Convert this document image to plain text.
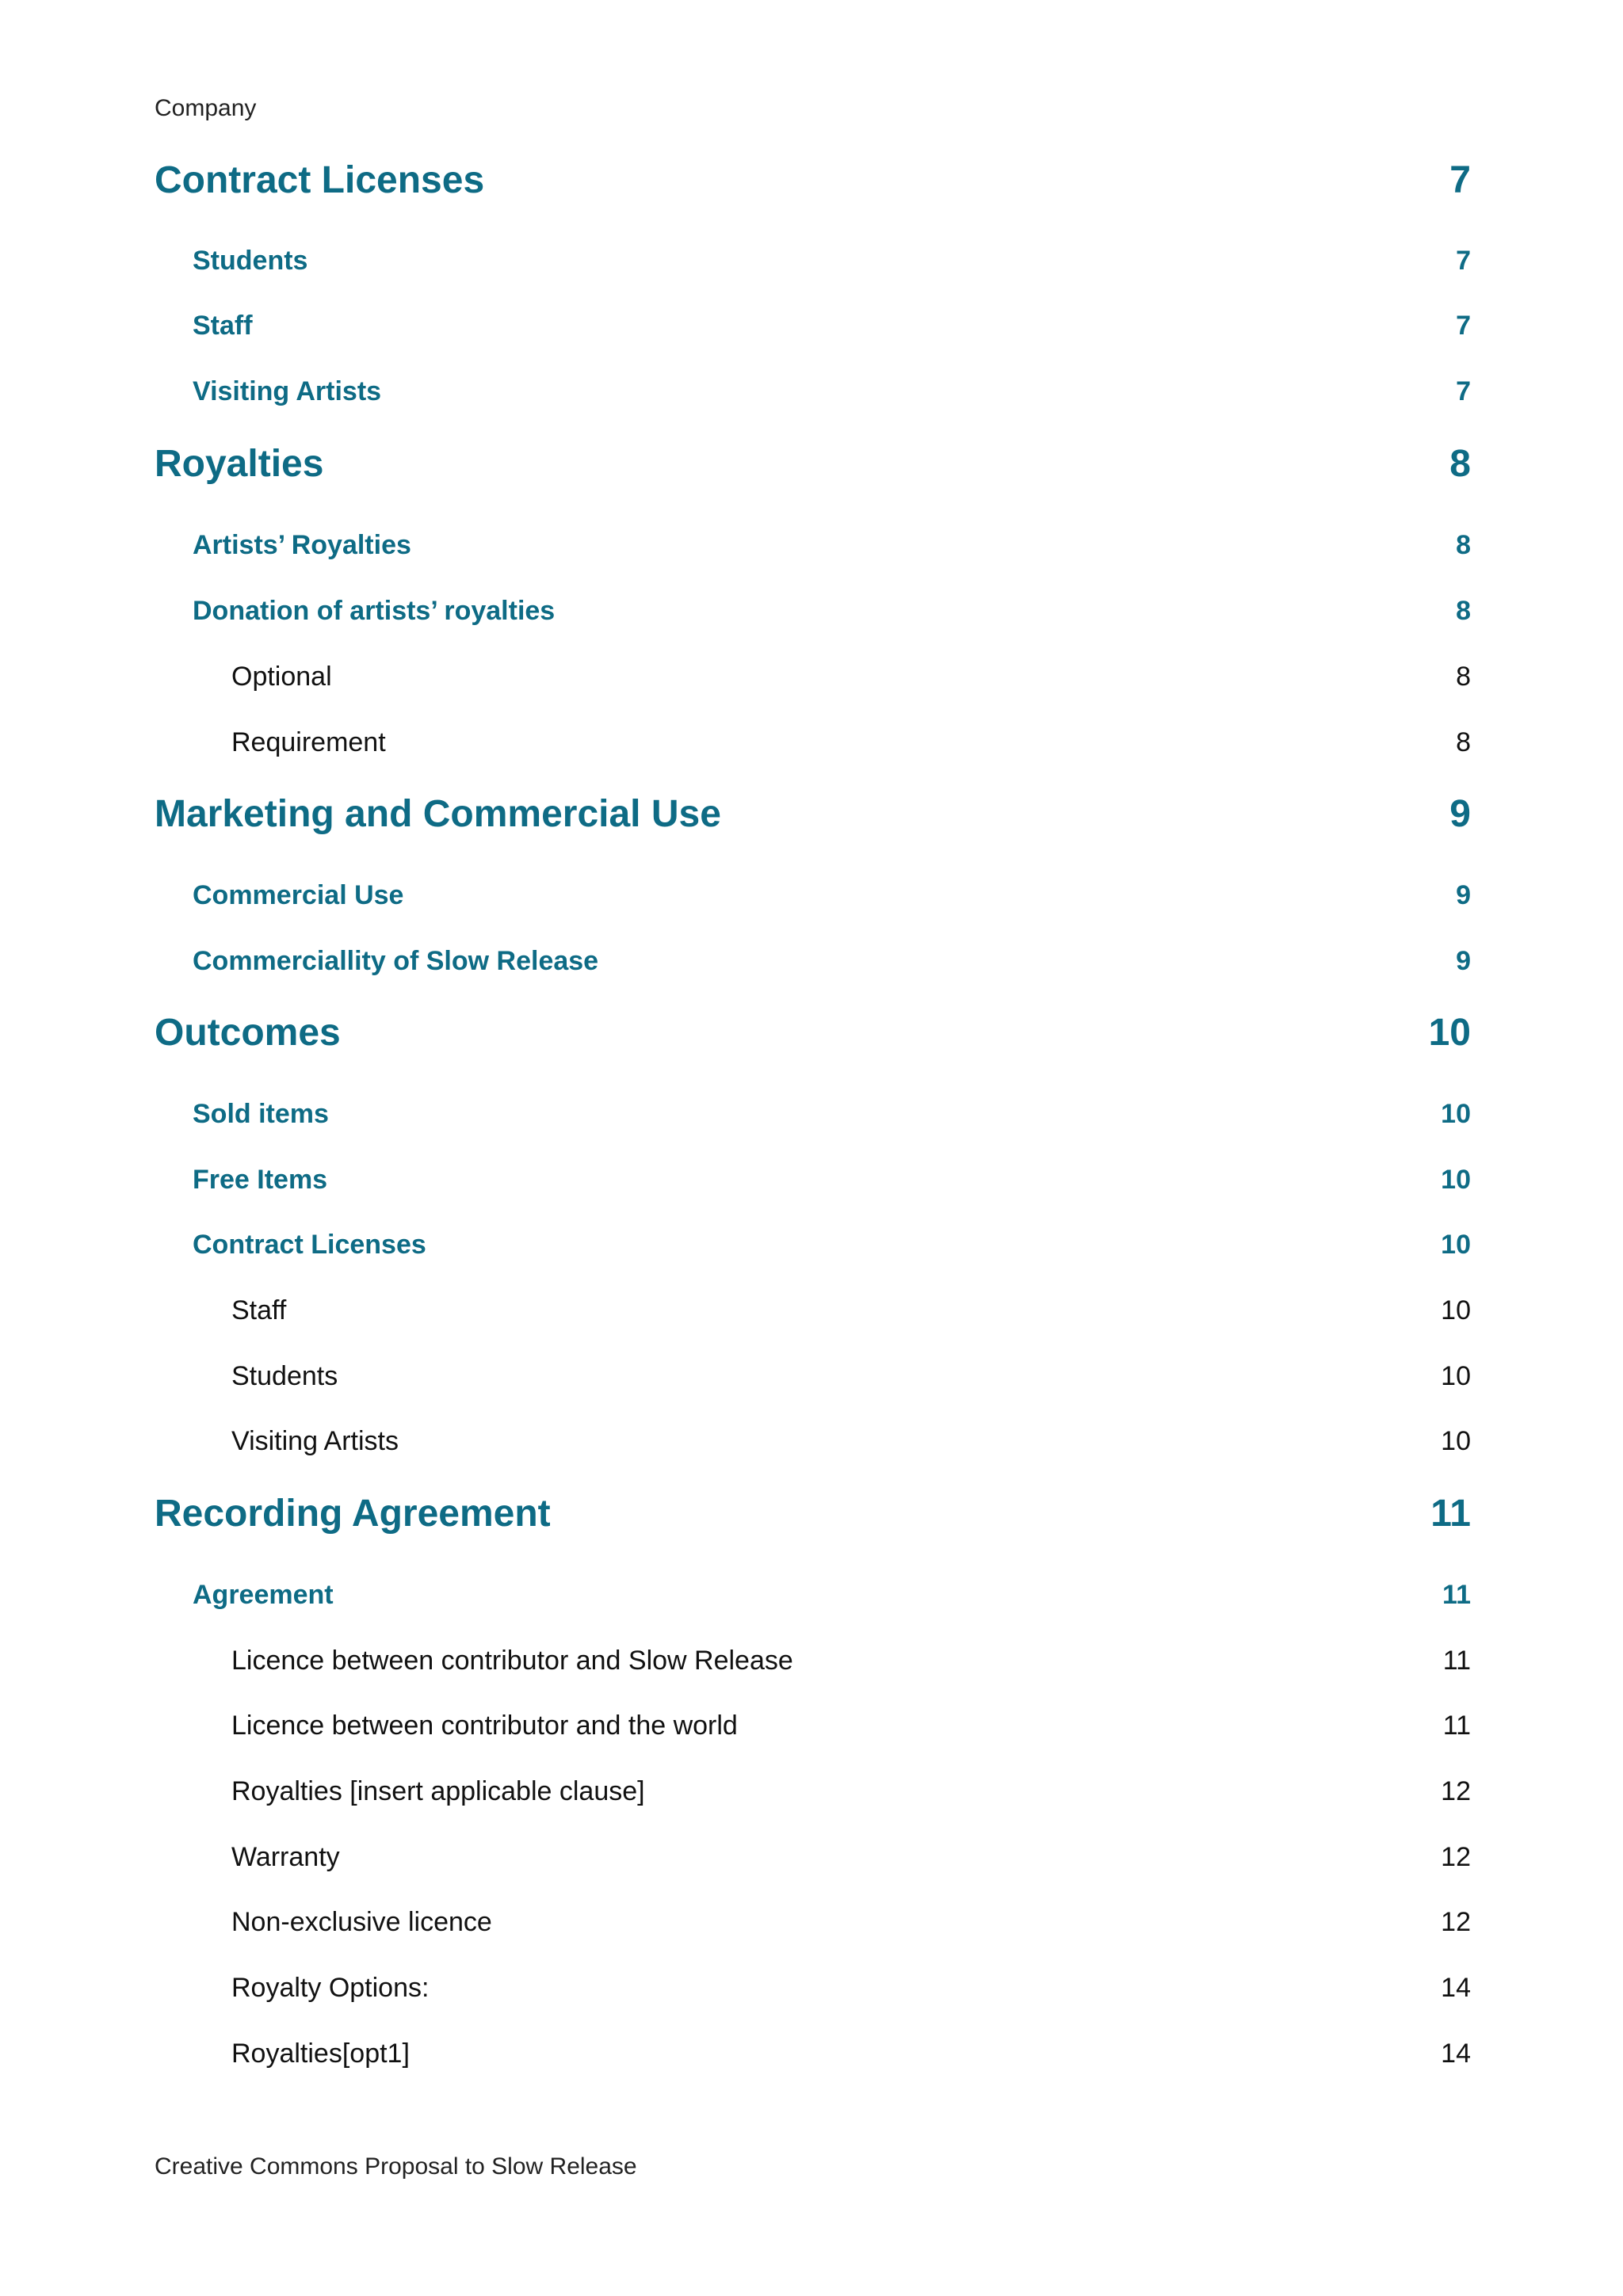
Company
Contract Licenses	7
Students	7
Staff	7
Visiting Artists	7
Royalties	8
Artists’ Royalties	8
Donation of artists’ royalties	8
Optional	8
Requirement	8
Marketing and Commercial Use	9
Commercial Use	9
Commerciallity of Slow Release	9
Outcomes	10
Sold items	10
Free Items	10
Contract Licenses	10
Staff	10
Students	10
Visiting Artists	10
Recording Agreement	11
Agreement	11
Licence between contributor and Slow Release	11
Licence between contributor and the world	11
Royalties [insert applicable clause]	12
Warranty	12
Non-exclusive licence	12
Royalty Options:	14
Royalties[opt1]	14
Creative Commons Proposal to Slow Release
